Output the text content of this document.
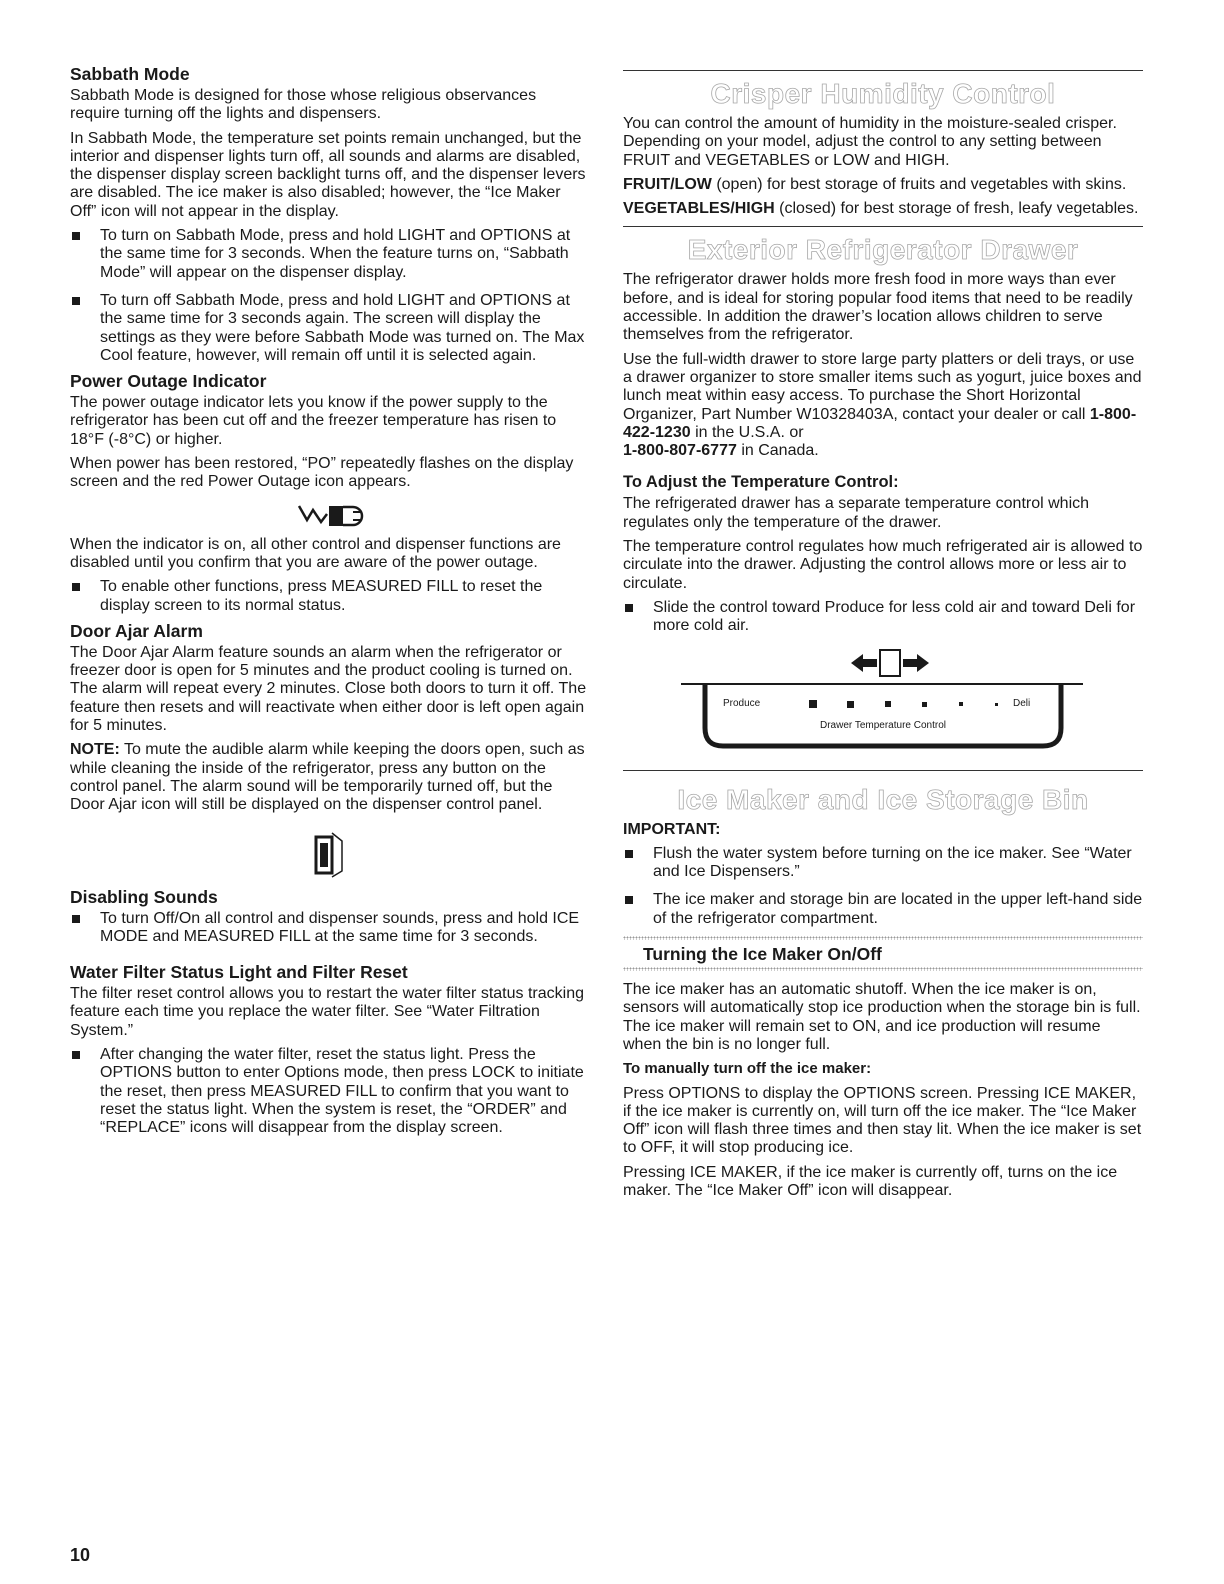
Sabbath Mode

Sabbath Mode is designed for those whose religious observances require turning off the lights and dispensers.

In Sabbath Mode, the temperature set points remain unchanged, but the interior and dispenser lights turn off, all sounds and alarms are disabled, the dispenser display screen backlight turns off, and the dispenser levers are disabled. The ice maker is also disabled; however, the “Ice Maker Off” icon will not appear in the display.

To turn on Sabbath Mode, press and hold LIGHT and OPTIONS at the same time for 3 seconds. When the feature turns on, “Sabbath Mode” will appear on the dispenser display.
To turn off Sabbath Mode, press and hold LIGHT and OPTIONS at the same time for 3 seconds again. The screen will display the settings as they were before Sabbath Mode was turned on. The Max Cool feature, however, will remain off until it is selected again.
Power Outage Indicator

The power outage indicator lets you know if the power supply to the refrigerator has been cut off and the freezer temperature has risen to 18°F (-8°C) or higher.

When power has been restored, “PO” repeatedly flashes on the display screen and the red Power Outage icon appears.

When the indicator is on, all other control and dispenser functions are disabled until you confirm that you are aware of the power outage.

To enable other functions, press MEASURED FILL to reset the display screen to its normal status.
Door Ajar Alarm

The Door Ajar Alarm feature sounds an alarm when the refrigerator or freezer door is open for 5 minutes and the product cooling is turned on. The alarm will repeat every 2 minutes. Close both doors to turn it off. The feature then resets and will reactivate when either door is left open again for 5 minutes.

NOTE: To mute the audible alarm while keeping the doors open, such as while cleaning the inside of the refrigerator, press any button on the control panel. The alarm sound will be temporarily turned off, but the Door Ajar icon will still be displayed on the dispenser control panel.

Disabling Sounds
To turn Off/On all control and dispenser sounds, press and hold ICE MODE and MEASURED FILL at the same time for 3 seconds.
Water Filter Status Light and Filter Reset

The filter reset control allows you to restart the water filter status tracking feature each time you replace the water filter. See “Water Filtration System.”

After changing the water filter, reset the status light. Press the OPTIONS button to enter Options mode, then press LOCK to initiate the reset, then press MEASURED FILL to confirm that you want to reset the status light. When the system is reset, the “ORDER” and “REPLACE” icons will disappear from the display screen.
10
Crisper Humidity Control

You can control the amount of humidity in the moisture-sealed crisper. Depending on your model, adjust the control to any setting between FRUIT and VEGETABLES or LOW and HIGH.

FRUIT/LOW (open) for best storage of fruits and vegetables with skins.

VEGETABLES/HIGH (closed) for best storage of fresh, leafy vegetables.

Exterior Refrigerator Drawer

The refrigerator drawer holds more fresh food in more ways than ever before, and is ideal for storing popular food items that need to be readily accessible. In addition the drawer’s location allows children to serve themselves from the refrigerator.

Use the full-width drawer to store large party platters or deli trays, or use a drawer organizer to store smaller items such as yogurt, juice boxes and lunch meat within easy access. To purchase the Short Horizontal Organizer, Part Number W10328403A, contact your dealer or call 1-800-422-1230 in the U.S.A. or
1-800-807-6777 in Canada.

To Adjust the Temperature Control:

The refrigerated drawer has a separate temperature control which regulates only the temperature of the drawer.

The temperature control regulates how much refrigerated air is allowed to circulate into the drawer. Adjusting the control allows more or less air to circulate.

Slide the control toward Produce for less cold air and toward Deli for more cold air.
Produce	Deli
Drawer Temperature Control
Ice Maker and Ice Storage Bin

IMPORTANT:

Flush the water system before turning on the ice maker. See “Water and Ice Dispensers.”
The ice maker and storage bin are located in the upper left-hand side of the refrigerator compartment.
Turning the Ice Maker On/Off

The ice maker has an automatic shutoff. When the ice maker is on, sensors will automatically stop ice production when the storage bin is full. The ice maker will remain set to ON, and ice production will resume when the bin is no longer full.

To manually turn off the ice maker:

Press OPTIONS to display the OPTIONS screen. Pressing ICE MAKER, if the ice maker is currently on, will turn off the ice maker. The “Ice Maker Off” icon will flash three times and then stay lit. When the ice maker is set to OFF, it will stop producing ice.

Pressing ICE MAKER, if the ice maker is currently off, turns on the ice maker. The “Ice Maker Off” icon will disappear.
